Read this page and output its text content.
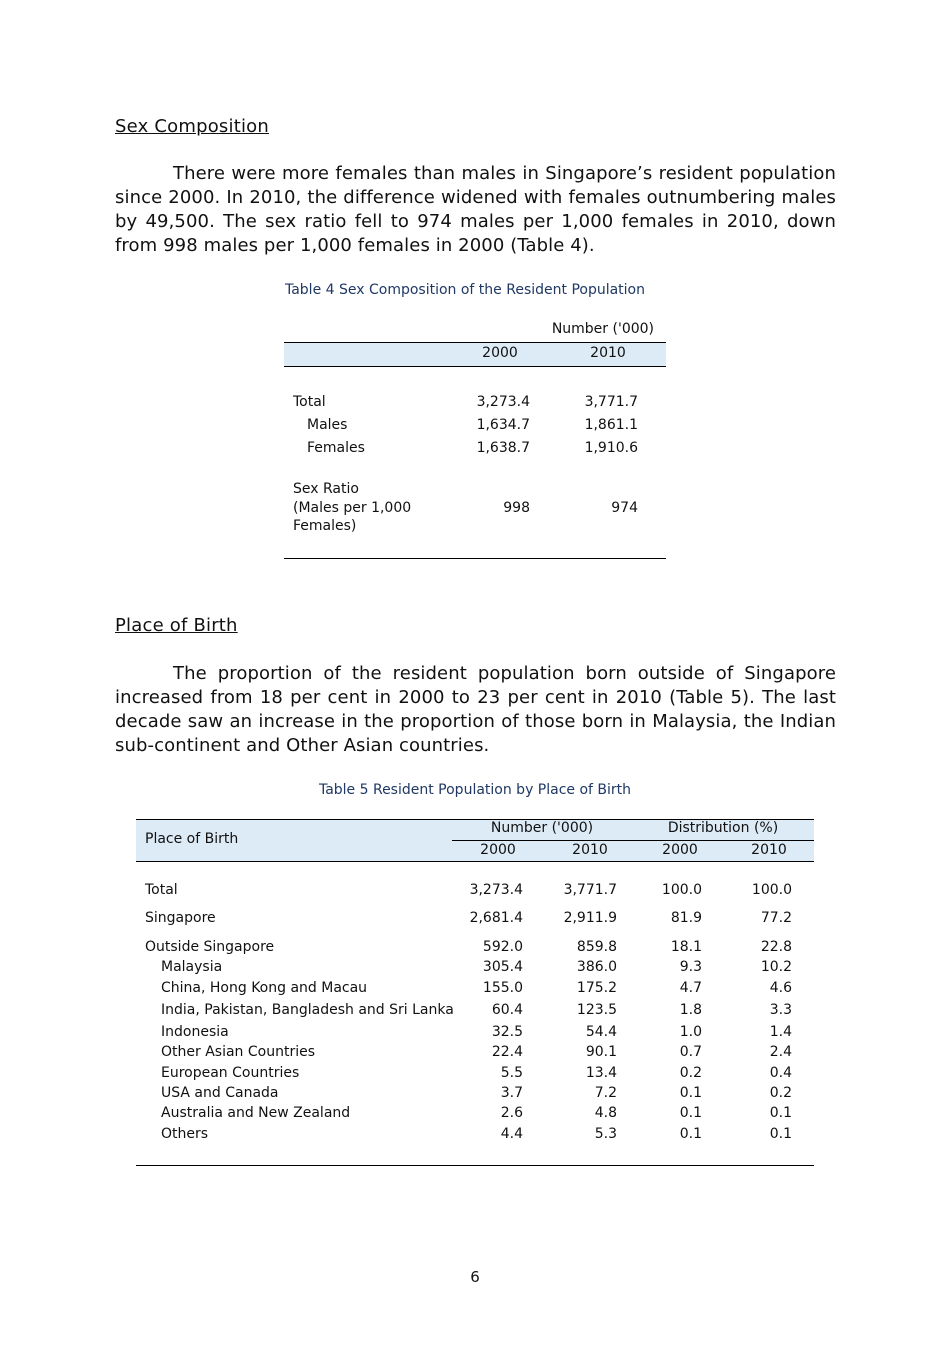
Sex Composition
There were more females than males in Singapore’s resident population since 2000. In 2010, the difference widened with females outnumbering males by 49,500. The sex ratio fell to 974 males per 1,000 females in 2010, down from 998 males per 1,000 females in 2000 (Table 4).
Table 4 Sex Composition of the Resident Population
Number ('000)
2000	2010
Total	3,273.4	3,771.7
Males	1,634.7	1,861.1
Females	1,638.7	1,910.6
Sex Ratio
(Males per 1,000
Females)
998	974
Place of Birth
The proportion of the resident population born outside of Singapore increased from 18 per cent in 2000 to 23 per cent in 2010 (Table 5). The last decade saw an increase in the proportion of those born in Malaysia, the Indian sub-continent and Other Asian countries.
Table 5 Resident Population by Place of Birth
Place of Birth
Number ('000)	Distribution (%)
2000	2010	2000	2010
Total	3,273.4	3,771.7	100.0	100.0
Singapore	2,681.4	2,911.9	81.9	77.2
Outside Singapore	592.0	859.8	18.1	22.8
Malaysia	305.4	386.0	9.3	10.2
China, Hong Kong and Macau	155.0	175.2	4.7	4.6
India, Pakistan, Bangladesh and Sri Lanka	60.4	123.5	1.8	3.3
Indonesia	32.5	54.4	1.0	1.4
Other Asian Countries	22.4	90.1	0.7	2.4
European Countries	5.5	13.4	0.2	0.4
USA and Canada	3.7	7.2	0.1	0.2
Australia and New Zealand	2.6	4.8	0.1	0.1
Others	4.4	5.3	0.1	0.1
6
